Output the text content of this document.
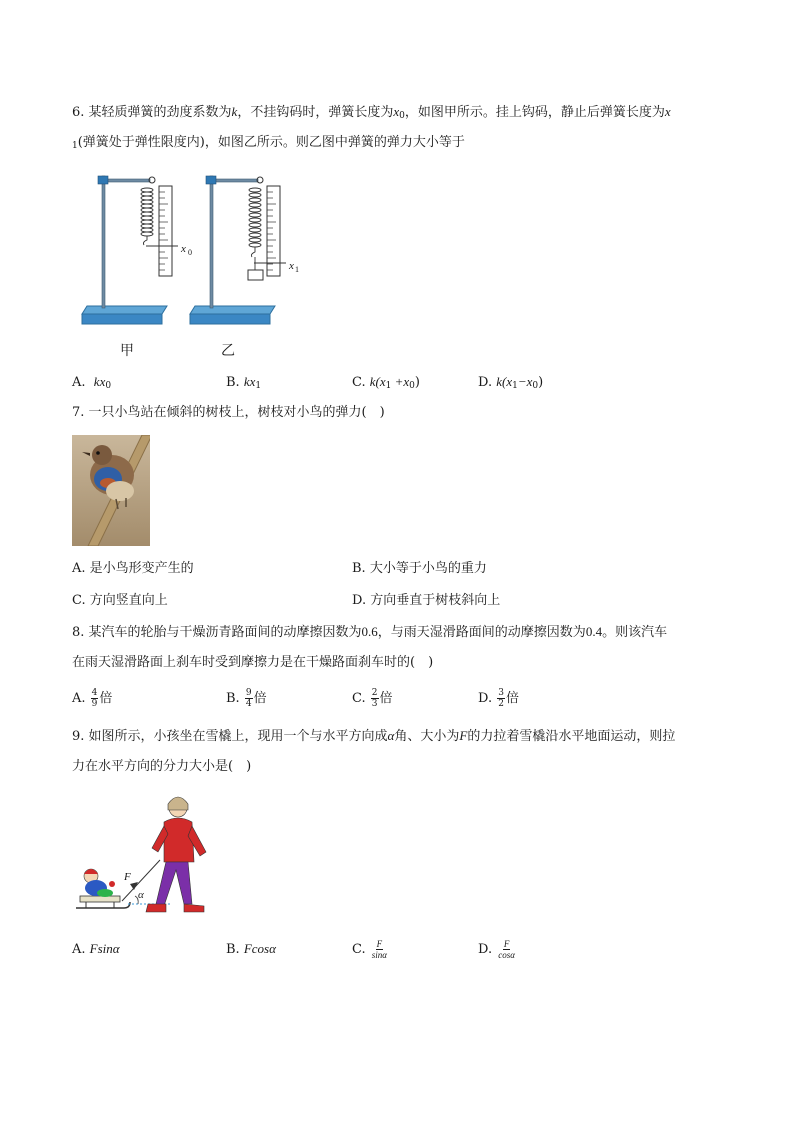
6. 某轻质弹簧的劲度系数为k，不挂钩码时，弹簧长度为$x_0$，如图甲所示。挂上钩码，静止后弹簧长度为x
$_1$(弹簧处于弹性限度内)，如图乙所示。则乙图中弹簧的弹力大小等于
x 0
x 1
甲	乙
A. $kx_0$	B. $kx_1$	C. $k(x_1 +x_0)$	D. $k(x_1-x_0)$
7. 一只小鸟站在倾斜的树枝上，树枝对小鸟的弹力(　)
A. 是小鸟形变产生的	B. 大小等于小鸟的重力
C. 方向竖直向上	D. 方向垂直于树枝斜向上
8. 某汽车的轮胎与干燥沥青路面间的动摩擦因数为0.6，与雨天湿滑路面间的动摩擦因数为0.4。则该汽车
在雨天湿滑路面上刹车时受到摩擦力是在干燥路面刹车时的(　)
A. $\frac{4}{9}$ 倍	B. $\frac{9}{4}$ 倍	C. $\frac{2}{3}$ 倍	D. $\frac{3}{2}$ 倍
9. 如图所示，小孩坐在雪橇上，现用一个与水平方向成α角、大小为F的力拉着雪橇沿水平地面运动，则拉
力在水平方向的分力大小是(　)
F
α
A. Fsinα	B. Fcosα	C. $\frac{F}{\sin\alpha}$	D. $\frac{F}{\cos\alpha}$
